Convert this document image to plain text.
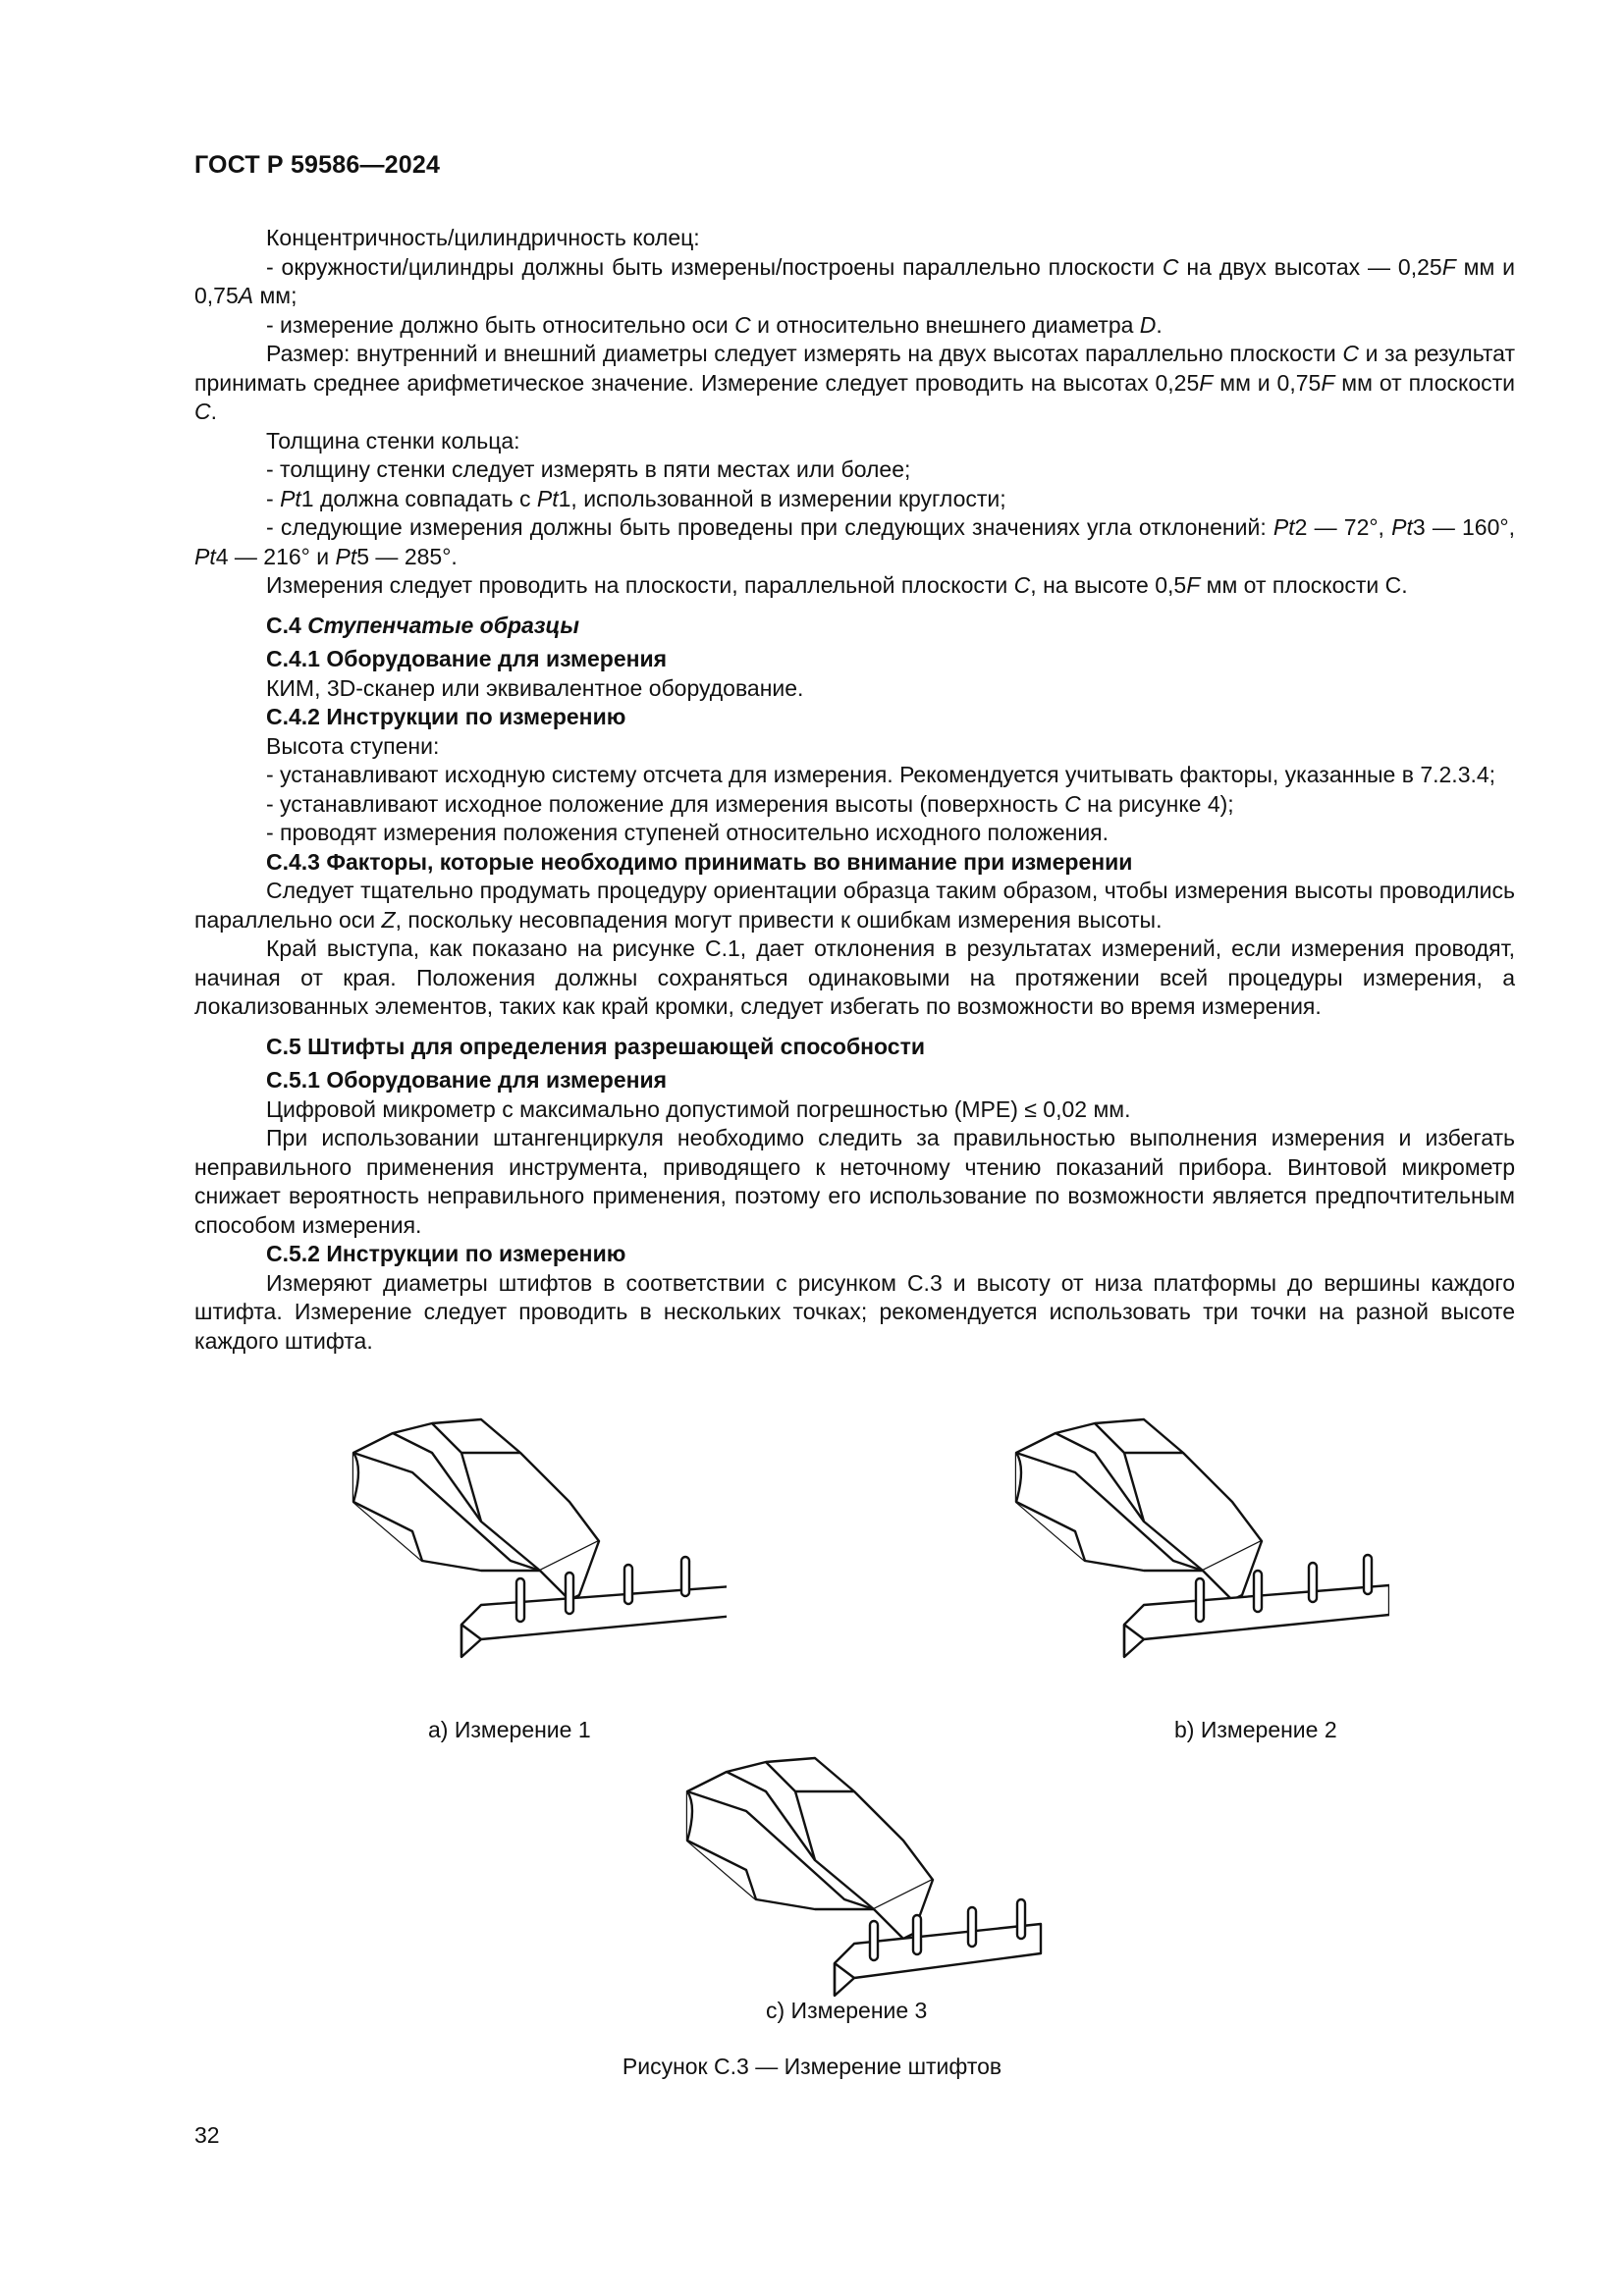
ГОСТ Р 59586—2024

Концентричность/цилиндричность колец:

- окружности/цилиндры должны быть измерены/построены параллельно плоскости C на двух высотах — 0,25F мм и 0,75A мм;

- измерение должно быть относительно оси C и относительно внешнего диаметра D.

Размер: внутренний и внешний диаметры следует измерять на двух высотах параллельно плоскости C и за результат принимать среднее арифметическое значение. Измерение следует проводить на высотах 0,25F мм и 0,75F мм от плоскости C.

Толщина стенки кольца:

- толщину стенки следует измерять в пяти местах или более;

- Pt1 должна совпадать с Pt1, использованной в измерении круглости;

- следующие измерения должны быть проведены при следующих значениях угла отклонений: Pt2 — 72°, Pt3 — 160°, Pt4 — 216° и Pt5 — 285°.

Измерения следует проводить на плоскости, параллельной плоскости C, на высоте 0,5F мм от плоскости С.

С.4 Ступенчатые образцы

С.4.1 Оборудование для измерения

КИМ, 3D-сканер или эквивалентное оборудование.

С.4.2 Инструкции по измерению

Высота ступени:

- устанавливают исходную систему отсчета для измерения. Рекомендуется учитывать факторы, указанные в 7.2.3.4;

- устанавливают исходное положение для измерения высоты (поверхность C на рисунке 4);

- проводят измерения положения ступеней относительно исходного положения.

С.4.3 Факторы, которые необходимо принимать во внимание при измерении

Следует тщательно продумать процедуру ориентации образца таким образом, чтобы измерения высоты проводились параллельно оси Z, поскольку несовпадения могут привести к ошибкам измерения высоты.

Край выступа, как показано на рисунке С.1, дает отклонения в результатах измерений, если измерения проводят, начиная от края. Положения должны сохраняться одинаковыми на протяжении всей процедуры измерения, а локализованных элементов, таких как край кромки, следует избегать по возможности во время измерения.

С.5 Штифты для определения разрешающей способности

С.5.1 Оборудование для измерения

Цифровой микрометр с максимально допустимой погрешностью (MPE) ≤ 0,02 мм.

При использовании штангенциркуля необходимо следить за правильностью выполнения измерения и избегать неправильного применения инструмента, приводящего к неточному чтению показаний прибора. Винтовой микрометр снижает вероятность неправильного применения, поэтому его использование по возможности является предпочтительным способом измерения.

С.5.2 Инструкции по измерению

Измеряют диаметры штифтов в соответствии с рисунком С.3 и высоту от низа платформы до вершины каждого штифта. Измерение следует проводить в нескольких точках; рекомендуется использовать три точки на разной высоте каждого штифта.

a) Измерение 1	b) Измерение 2
c) Измерение 3
Рисунок С.3 — Измерение штифтов
32
